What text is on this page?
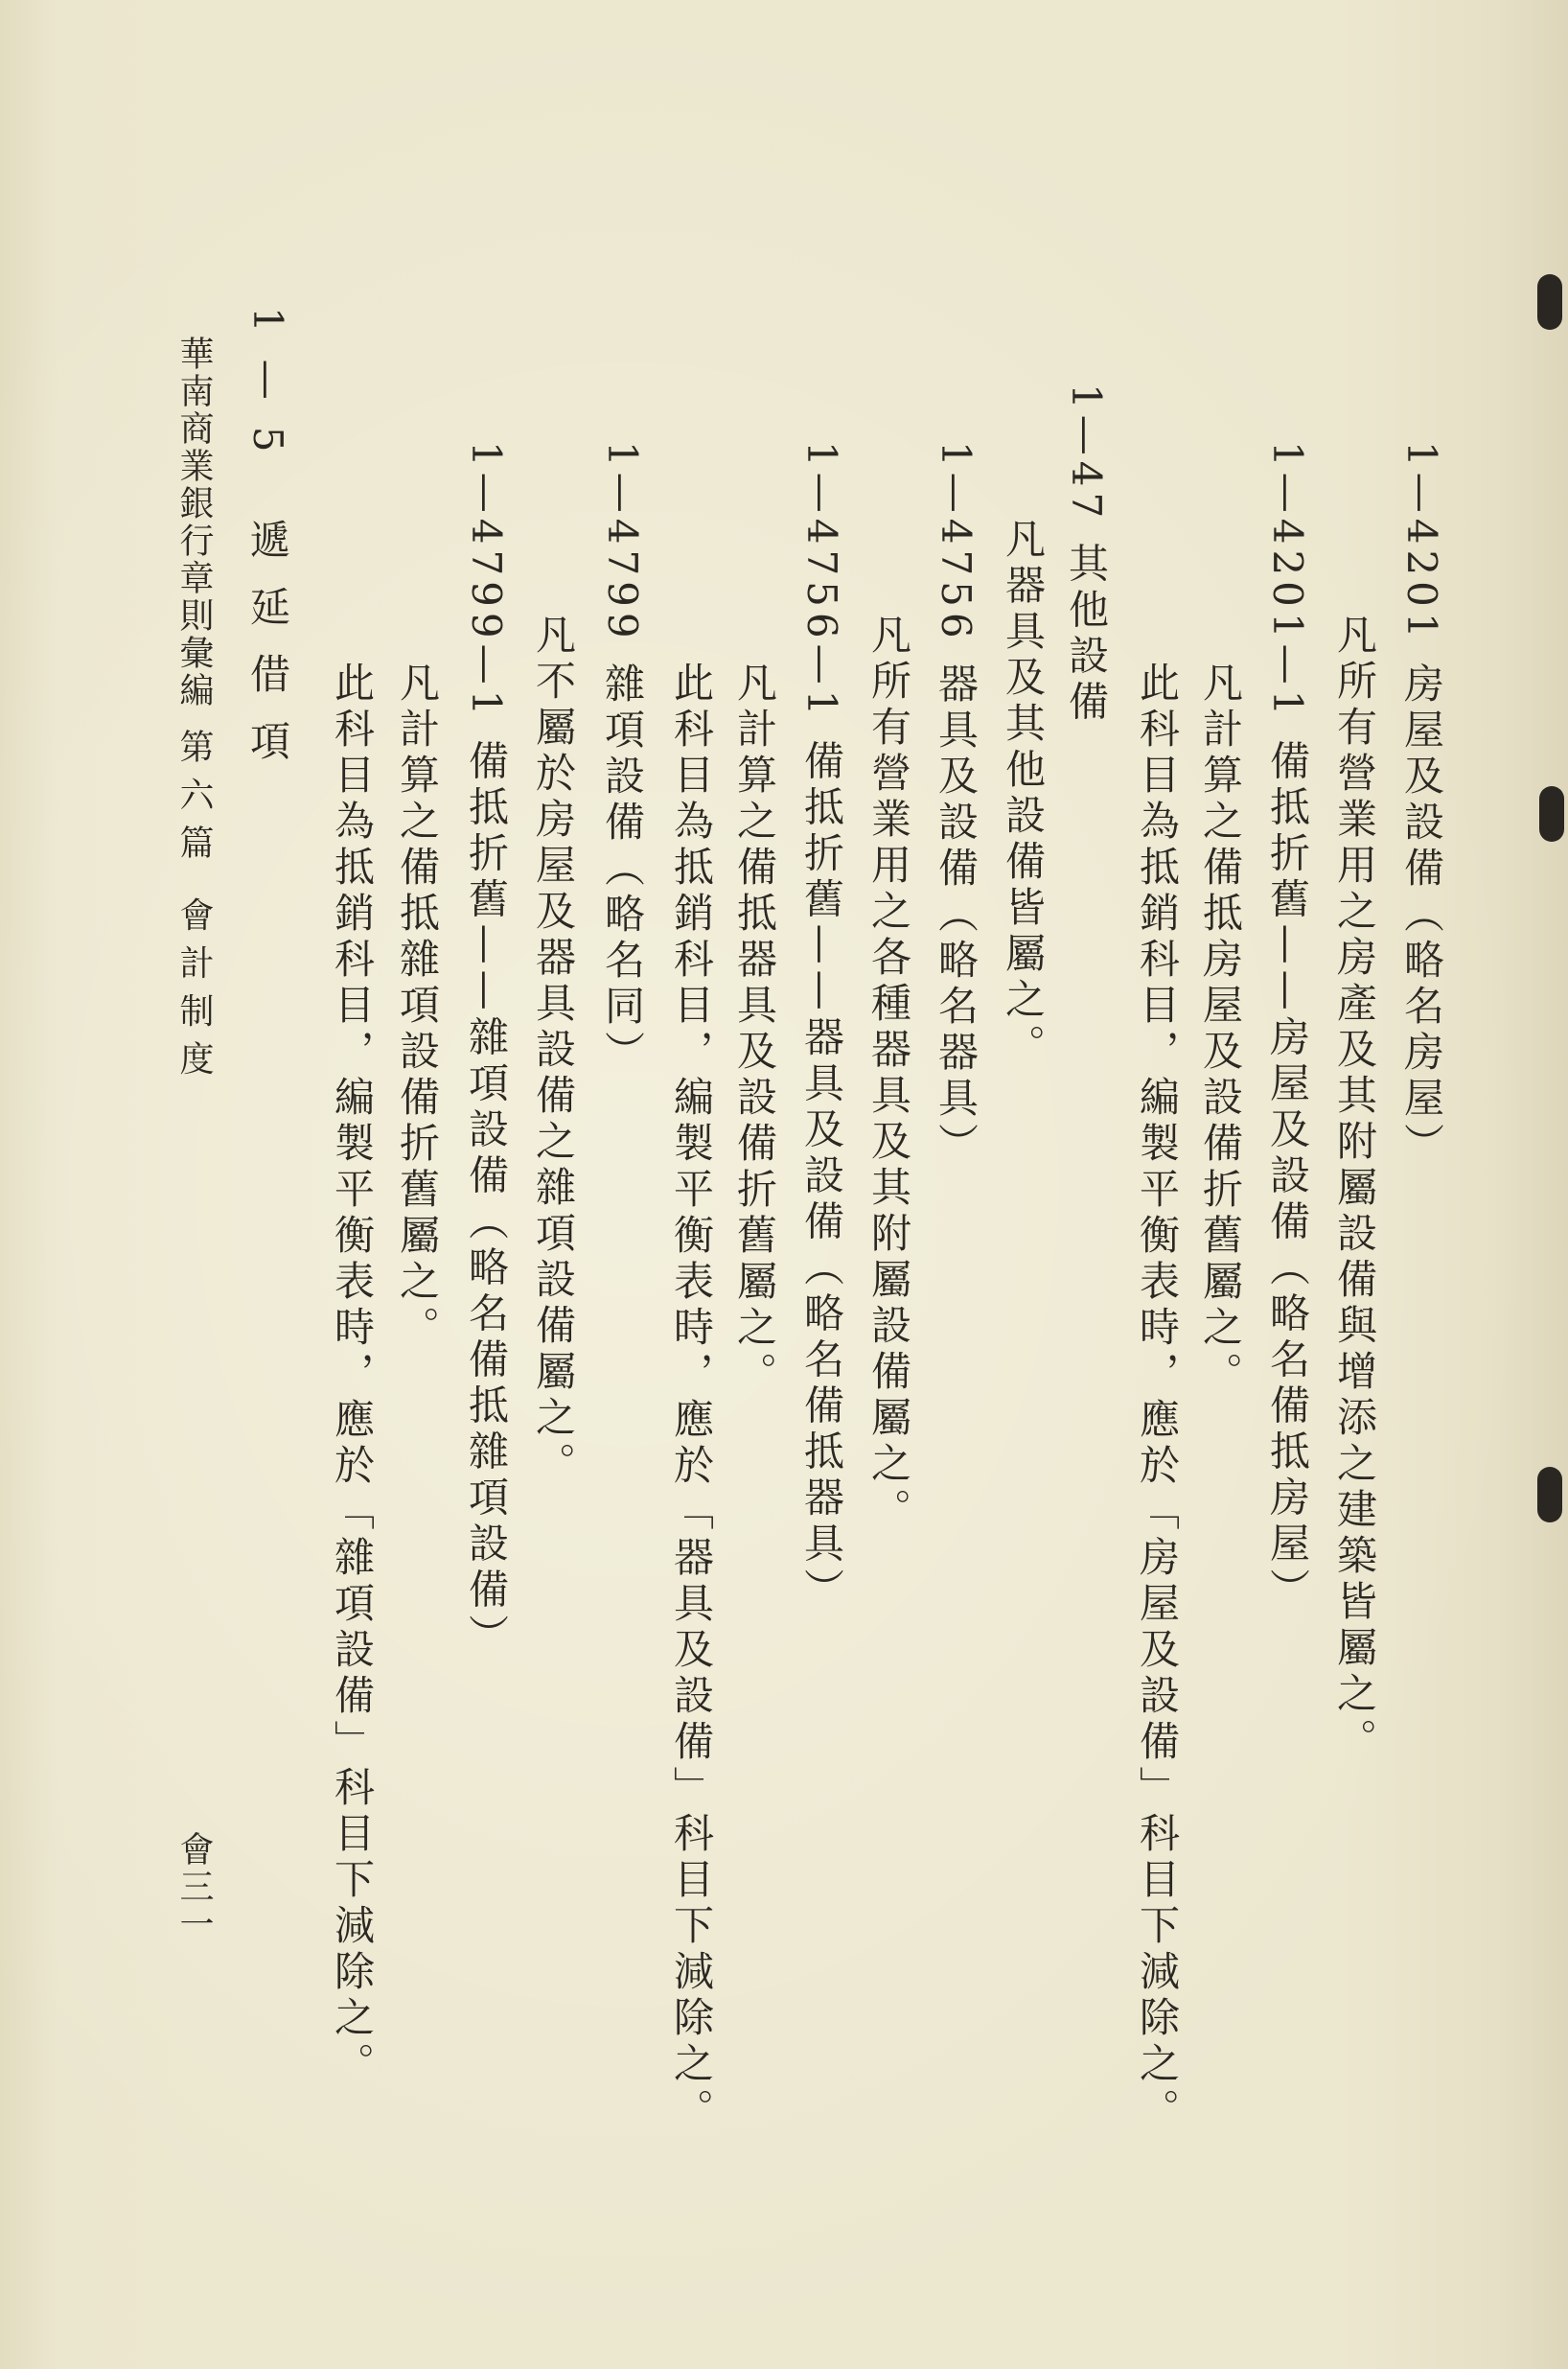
1—4201 房屋及設備（略名房屋）
凡所有營業用之房產及其附屬設備與增添之建築皆屬之。
1—4201—1 備抵折舊——房屋及設備（略名備抵房屋）
凡計算之備抵房屋及設備折舊屬之。
此科目為抵銷科目，編製平衡表時，應於「房屋及設備」科目下減除之。
1—47 其他設備
凡器具及其他設備皆屬之。
1—4756 器具及設備（略名器具）
凡所有營業用之各種器具及其附屬設備屬之。
1—4756—1 備抵折舊——器具及設備（略名備抵器具）
凡計算之備抵器具及設備折舊屬之。
此科目為抵銷科目，編製平衡表時，應於「器具及設備」科目下減除之。
1—4799 雜項設備（略名同）
凡不屬於房屋及器具設備之雜項設備屬之。
1—4799—1 備抵折舊——雜項設備（略名備抵雜項設備）
凡計算之備抵雜項設備折舊屬之。
此科目為抵銷科目，編製平衡表時，應於「雜項設備」科目下減除之。
1—5 遞延借項
華南商業銀行章則彙編
第六篇 會計制度
會三一
